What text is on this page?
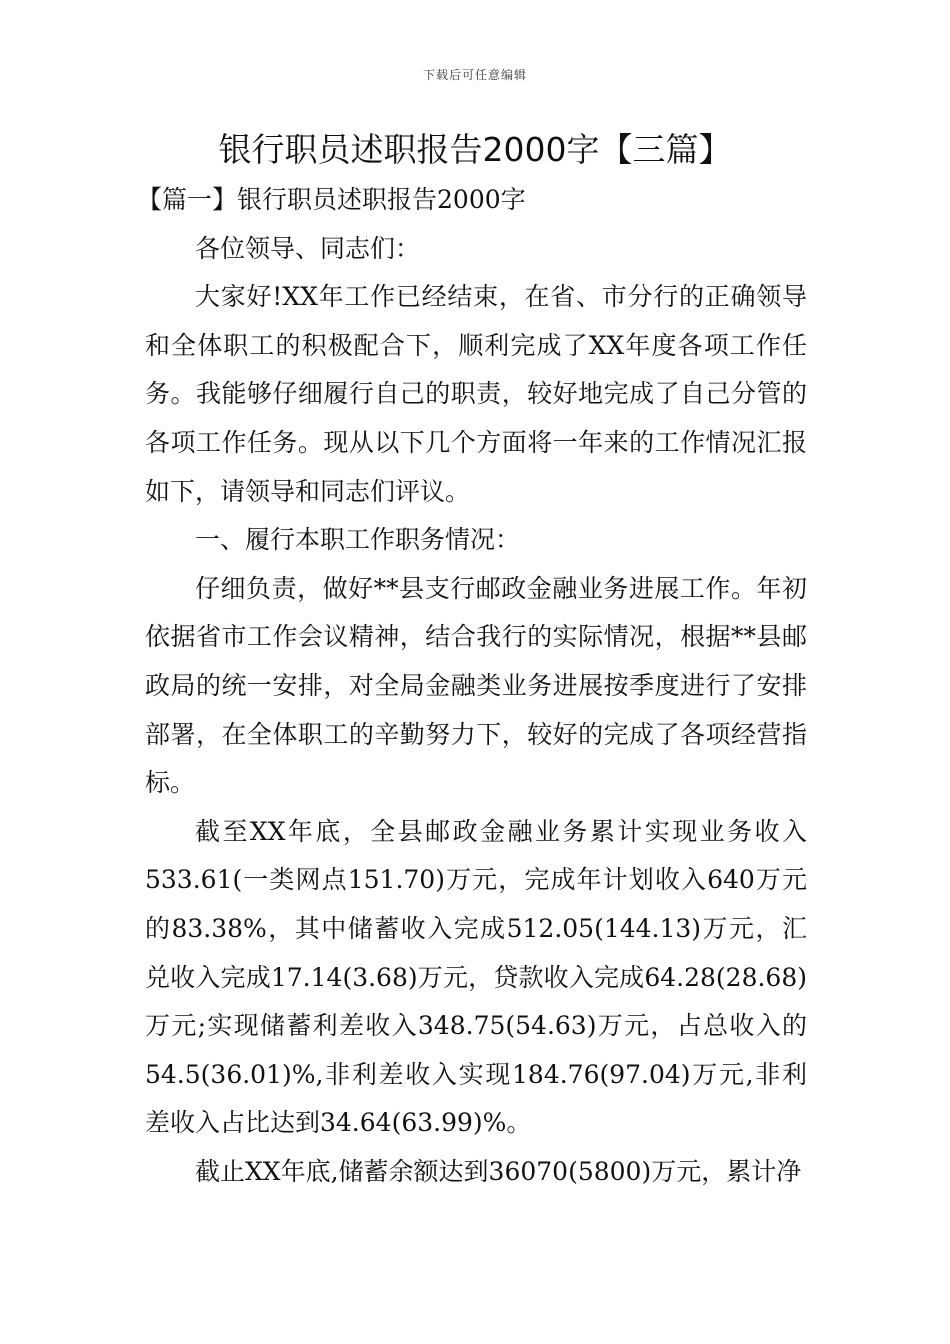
下载后可任意编辑
银行职员述职报告2000字【三篇】
【篇一】银行职员述职报告2000字

各位领导、同志们：

大家好!XX年工作已经结束，在省、市分行的正确领导和全体职工的积极配合下，顺利完成了XX年度各项工作任务。我能够仔细履行自己的职责，较好地完成了自己分管的各项工作任务。现从以下几个方面将一年来的工作情况汇报如下，请领导和同志们评议。

一、履行本职工作职务情况：

仔细负责，做好**县支行邮政金融业务进展工作。年初依据省市工作会议精神，结合我行的实际情况，根据**县邮政局的统一安排，对全局金融类业务进展按季度进行了安排部署，在全体职工的辛勤努力下，较好的完成了各项经营指标。

截至XX年底，全县邮政金融业务累计实现业务收入533.61(一类网点151.70)万元，完成年计划收入640万元的83.38%，其中储蓄收入完成512.05(144.13)万元，汇兑收入完成17.14(3.68)万元，贷款收入完成64.28(28.68)万元;实现储蓄利差收入348.75(54.63)万元，占总收入的54.5(36.01)%,非利差收入实现184.76(97.04)万元,非利差收入占比达到34.64(63.99)%。

截止XX年底,储蓄余额达到36070(5800)万元，累计净
